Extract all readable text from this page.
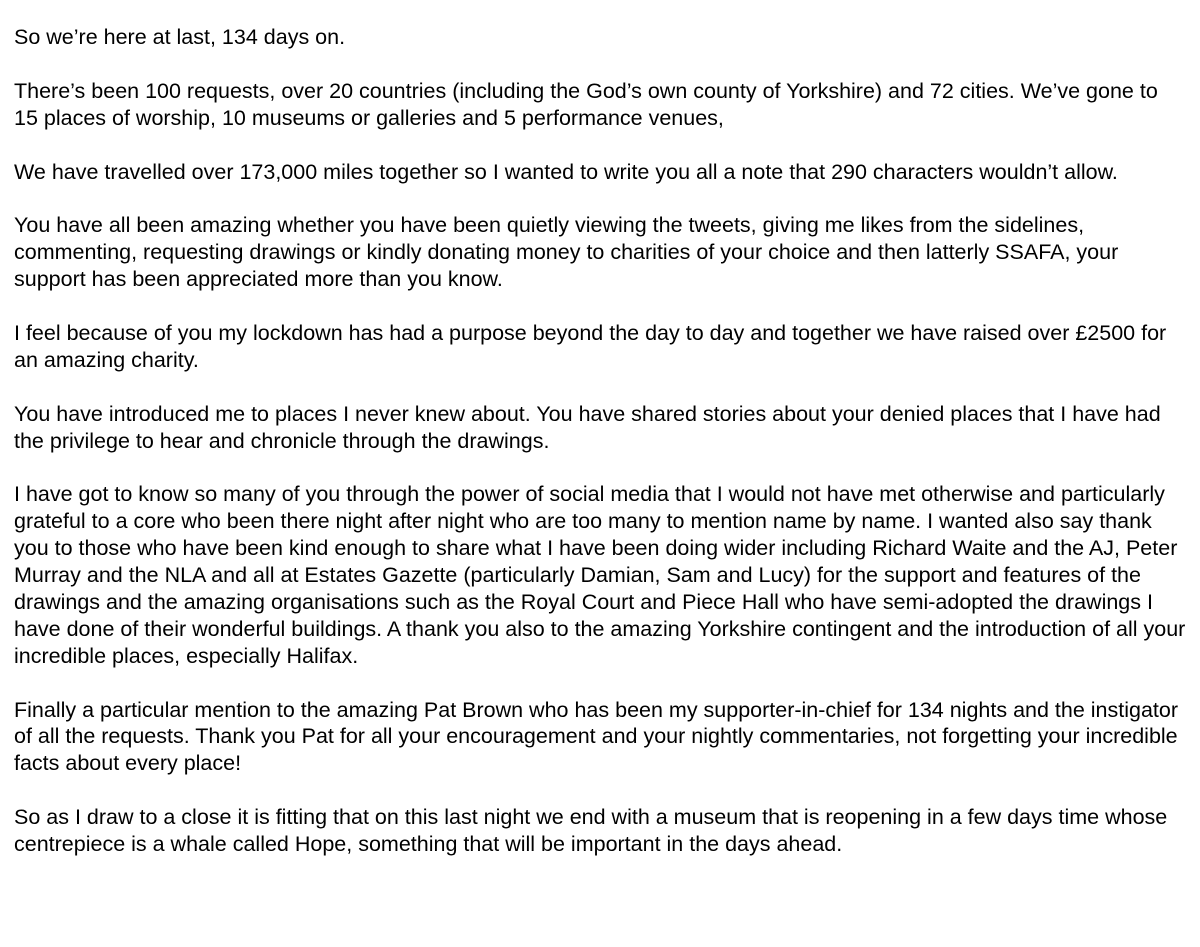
So we’re here at last, 134 days on.

There’s been 100 requests, over 20 countries (including the God’s own county of Yorkshire) and 72 cities. We’ve gone to 15 places of worship, 10 museums or galleries and 5 performance venues,

We have travelled over 173,000 miles together so I wanted to write you all a note that 290 characters wouldn’t allow.

You have all been amazing whether you have been quietly viewing the tweets, giving me likes from the sidelines, commenting, requesting drawings or kindly donating money to charities of your choice and then latterly SSAFA, your support has been appreciated more than you know.

I feel because of you my lockdown has had a purpose beyond the day to day and together we have raised over £2500 for an amazing charity.

You have introduced me to places I never knew about. You have shared stories about your denied places that I have had the privilege to hear and chronicle through the drawings.

I have got to know so many of you through the power of social media that I would not have met otherwise and particularly grateful to a core who been there night after night who are too many to mention name by name. I wanted also say thank you to those who have been kind enough to share what I have been doing wider including Richard Waite and the AJ, Peter Murray and the NLA and all at Estates Gazette (particularly Damian, Sam and Lucy) for the support and features of the drawings and the amazing organisations such as the Royal Court and Piece Hall who have semi-adopted the drawings I have done of their wonderful buildings. A thank you also to the amazing Yorkshire contingent and the introduction of all your incredible places, especially Halifax.

Finally a particular mention to the amazing Pat Brown who has been my supporter-in-chief for 134 nights and the instigator of all the requests. Thank you Pat for all your encouragement and your nightly commentaries, not forgetting your incredible facts about every place!

So as I draw to a close it is fitting that on this last night we end with a museum that is reopening in a few days time whose centrepiece is a whale called Hope, something that will be important in the days ahead.
